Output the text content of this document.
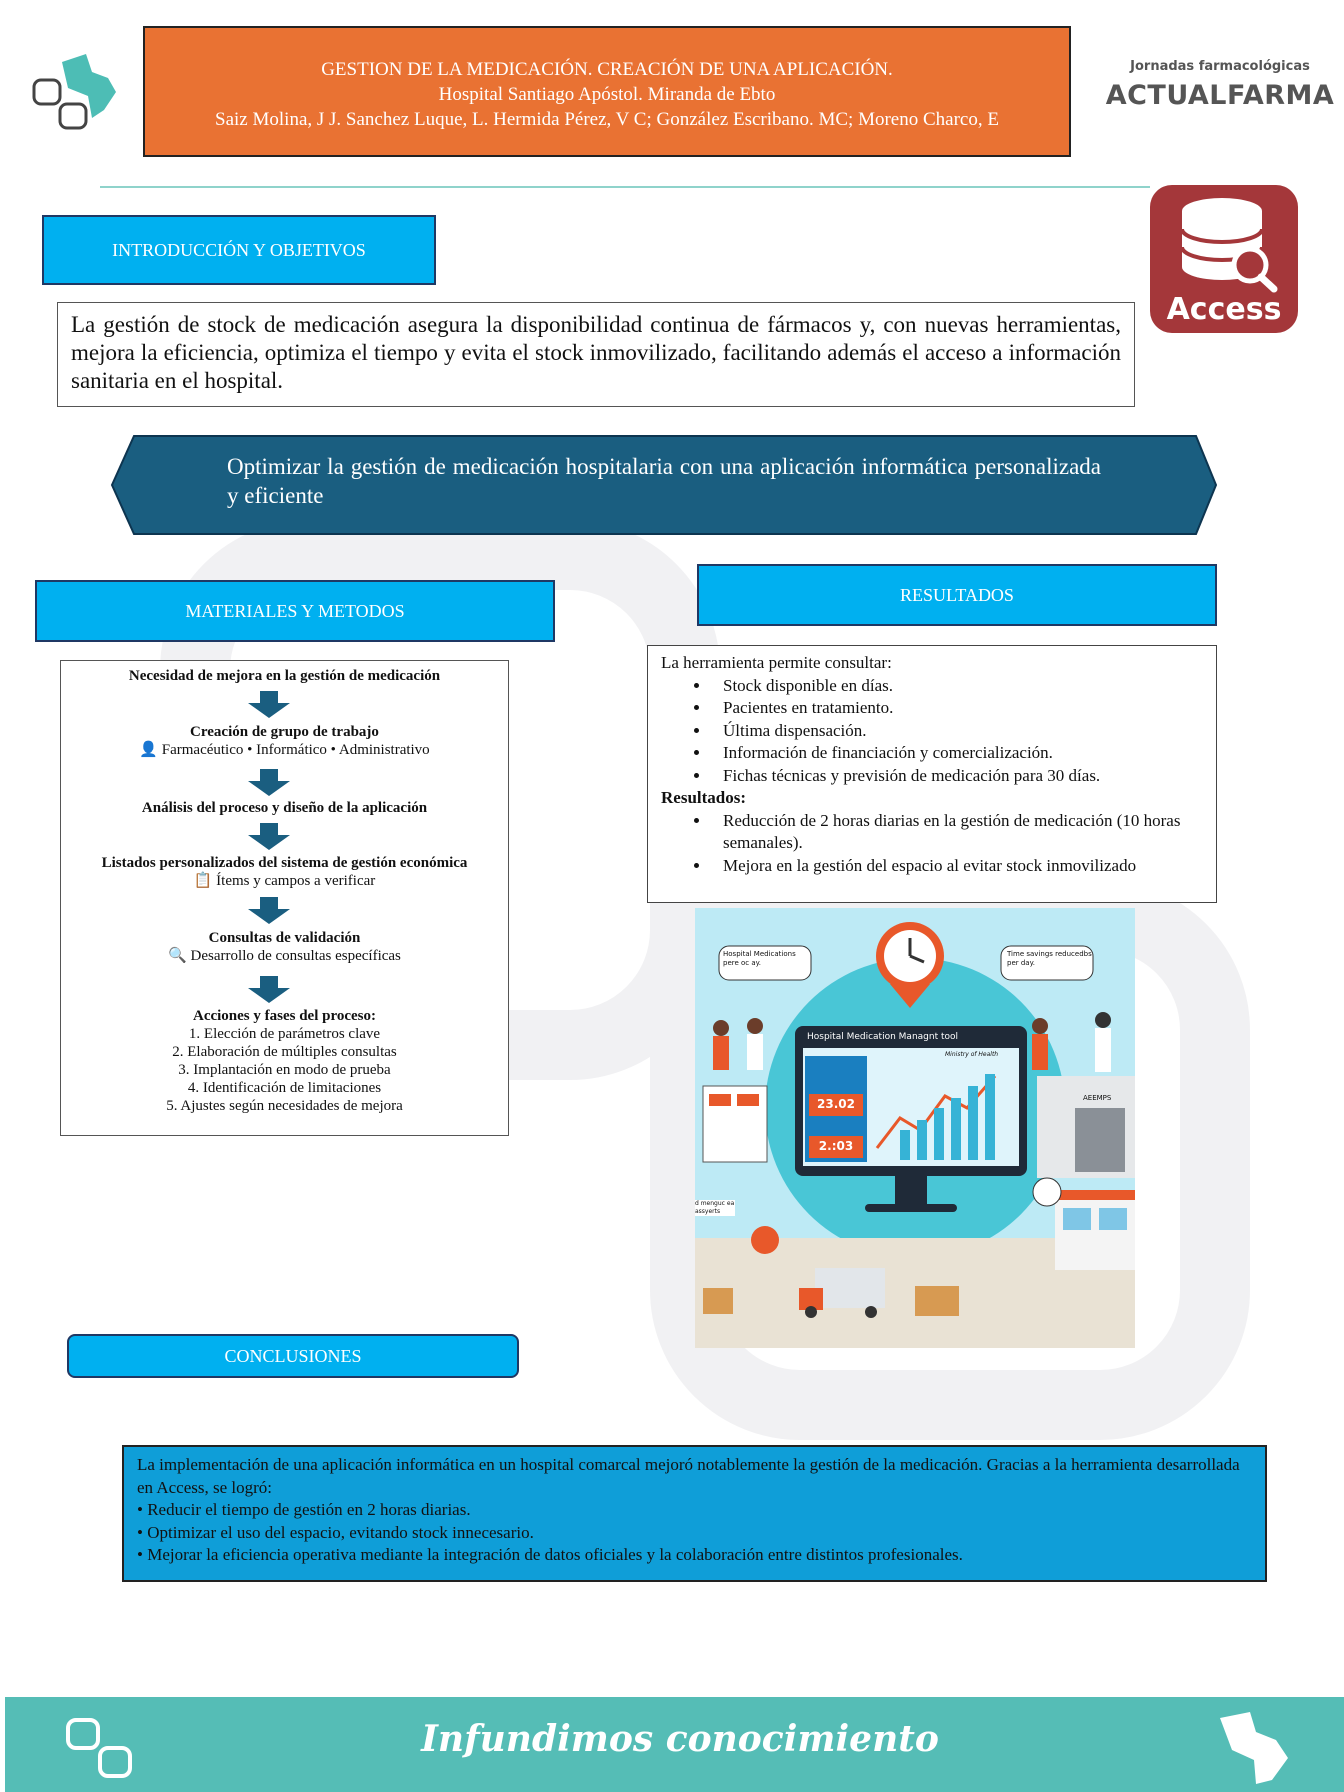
GESTION DE LA MEDICACIÓN. CREACIÓN DE UNA APLICACIÓN.
Hospital Santiago Apóstol. Miranda de Ebto
Saiz Molina, J J. Sanchez Luque, L. Hermida Pérez, V C; González Escribano. MC; Moreno Charco, E
Jornadas farmacológicas
ACTUALFARMA
Access
INTRODUCCIÓN Y OBJETIVOS
La gestión de stock de medicación asegura la disponibilidad continua de fármacos y, con nuevas herramientas, mejora la eficiencia, optimiza el tiempo y evita el stock inmovilizado, facilitando además el acceso a información sanitaria en el hospital.
Optimizar la gestión de medicación hospitalaria con una aplicación informática personalizada y eficiente
MATERIALES Y METODOS
Necesidad de mejora en la gestión de medicación
Creación de grupo de trabajo
👤 Farmacéutico • Informático • Administrativo
Análisis del proceso y diseño de la aplicación
Listados personalizados del sistema de gestión económica
📋 Ítems y campos a verificar
Consultas de validación
🔍 Desarrollo de consultas específicas
Acciones y fases del proceso:
1. Elección de parámetros clave
2. Elaboración de múltiples consultas
3. Implantación en modo de prueba
4. Identificación de limitaciones
5. Ajustes según necesidades de mejora
RESULTADOS
La herramienta permite consultar:
• Stock disponible en días.
• Pacientes en tratamiento.
• Última dispensación.
• Información de financiación y comercialización.
• Fichas técnicas y previsión de medicación para 30 días.
Resultados:
• Reducción de 2 horas diarias en la gestión de medicación (10 horas semanales).
• Mejora en la gestión del espacio al evitar stock inmovilizado
Hospital Medications pere oc ay.
Time savings reducedbs per day.
Hospital Medication Managnt tool
Ministry of Health
23.02
2.:03
AEEMPS
d menguc ea assyerts
CONCLUSIONES
La implementación de una aplicación informática en un hospital comarcal mejoró notablemente la gestión de la medicación. Gracias a la herramienta desarrollada en Access, se logró:
• Reducir el tiempo de gestión en 2 horas diarias.
• Optimizar el uso del espacio, evitando stock innecesario.
• Mejorar la eficiencia operativa mediante la integración de datos oficiales y la colaboración entre distintos profesionales.
Infundimos conocimiento
